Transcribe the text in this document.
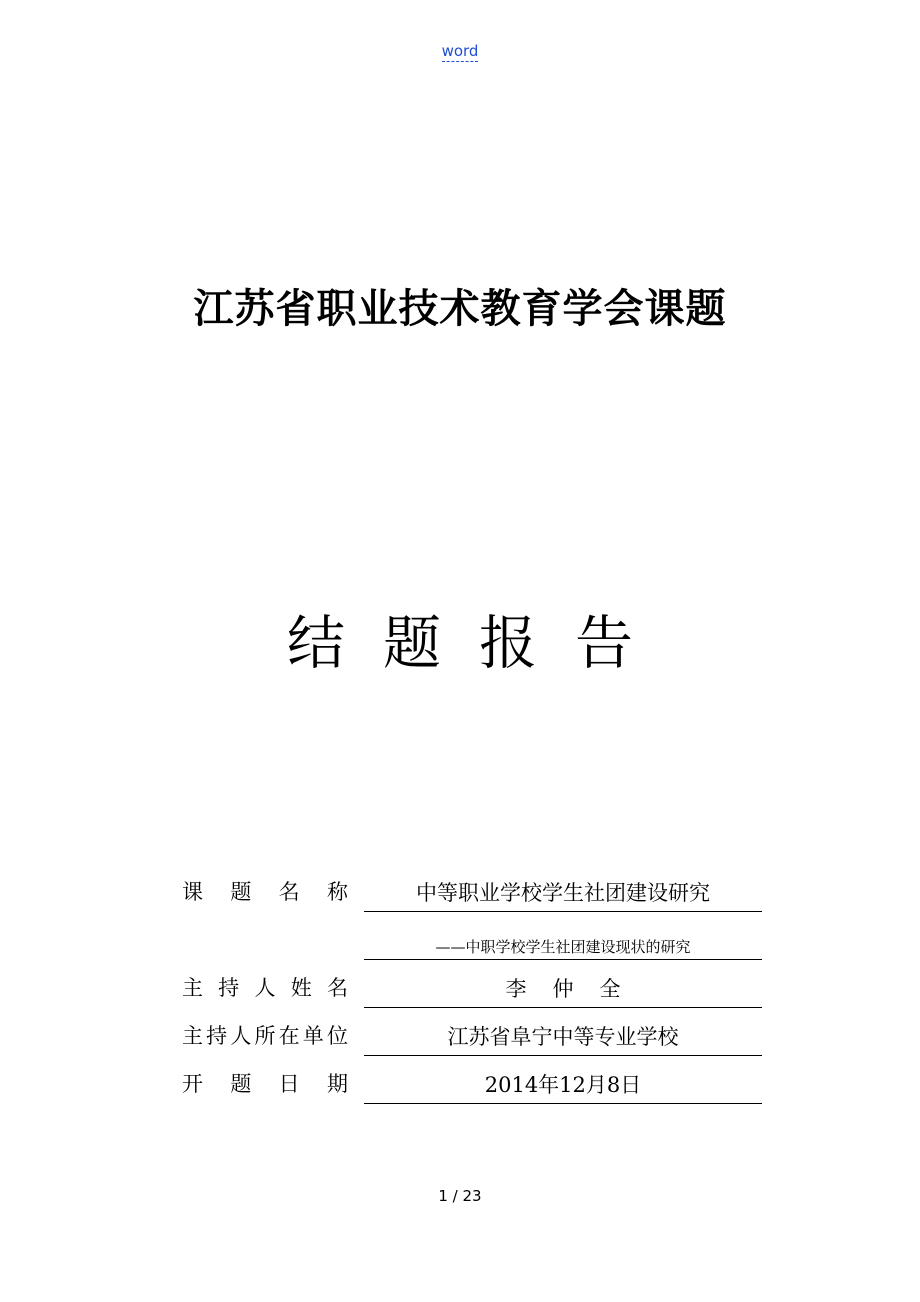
word
江苏省职业技术教育学会课题
结题报告
课 题 名 称	中等职业学校学生社团建设研究
——中职学校学生社团建设现状的研究
主 持 人 姓 名	李仲全
主 持 人 所 在 单 位	江苏省阜宁中等专业学校
开 题 日 期	2014年12月8日
1 / 23
